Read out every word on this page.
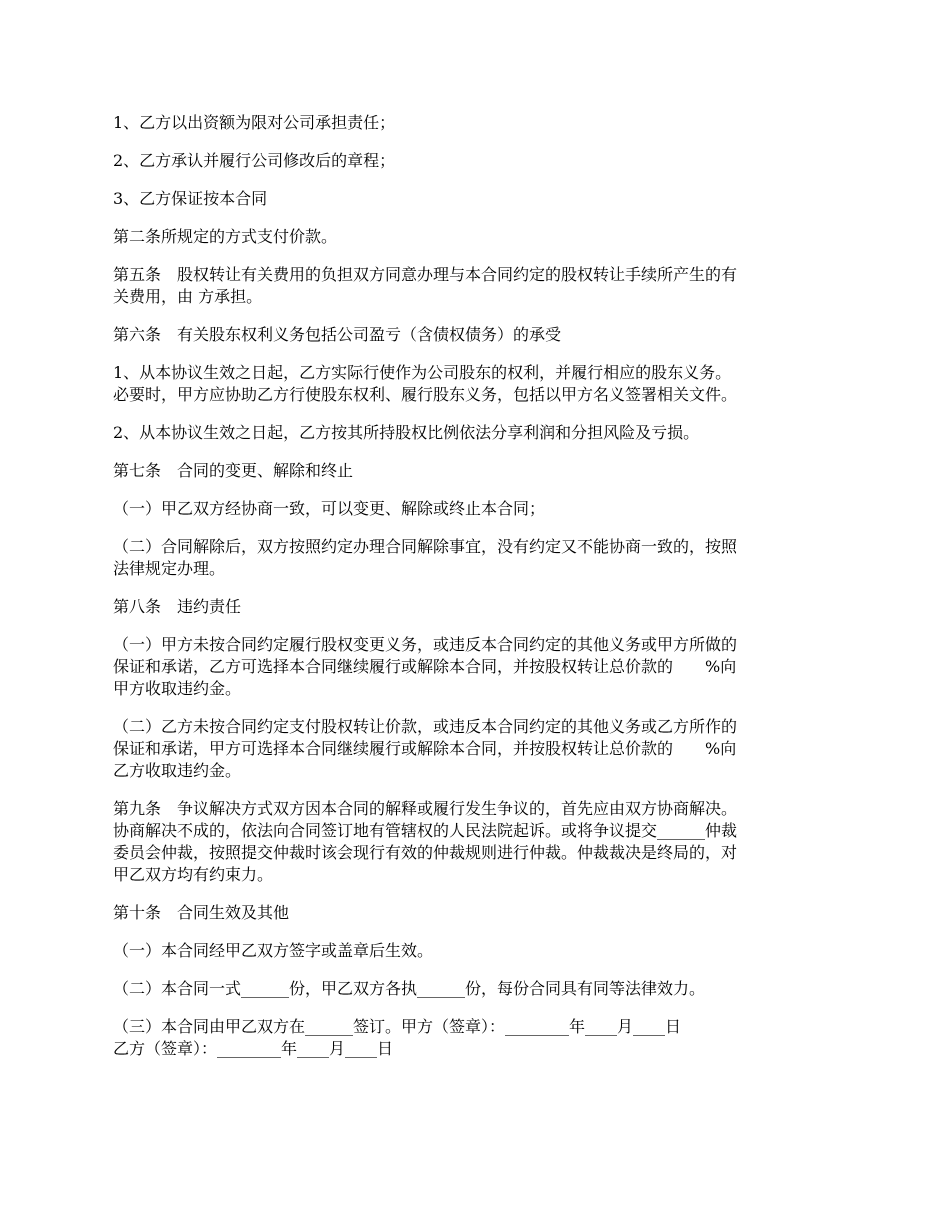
1、乙方以出资额为限对公司承担责任；

2、乙方承认并履行公司修改后的章程；

3、乙方保证按本合同

第二条所规定的方式支付价款。

第五条　股权转让有关费用的负担双方同意办理与本合同约定的股权转让手续所产生的有
关费用，由 方承担。

第六条　有关股东权利义务包括公司盈亏（含债权债务）的承受

1、从本协议生效之日起，乙方实际行使作为公司股东的权利，并履行相应的股东义务。
必要时，甲方应协助乙方行使股东权利、履行股东义务，包括以甲方名义签署相关文件。

2、从本协议生效之日起，乙方按其所持股权比例依法分享利润和分担风险及亏损。

第七条　合同的变更、解除和终止

（一）甲乙双方经协商一致，可以变更、解除或终止本合同；

（二）合同解除后，双方按照约定办理合同解除事宜，没有约定又不能协商一致的，按照
法律规定办理。

第八条　违约责任

（一）甲方未按合同约定履行股权变更义务，或违反本合同约定的其他义务或甲方所做的
保证和承诺，乙方可选择本合同继续履行或解除本合同，并按股权转让总价款的　　%向
甲方收取违约金。

（二）乙方未按合同约定支付股权转让价款，或违反本合同约定的其他义务或乙方所作的
保证和承诺，甲方可选择本合同继续履行或解除本合同，并按股权转让总价款的　　%向
乙方收取违约金。

第九条　争议解决方式双方因本合同的解释或履行发生争议的，首先应由双方协商解决。
协商解决不成的，依法向合同签订地有管辖权的人民法院起诉。或将争议提交______仲裁
委员会仲裁，按照提交仲裁时该会现行有效的仲裁规则进行仲裁。仲裁裁决是终局的，对
甲乙双方均有约束力。

第十条　合同生效及其他

（一）本合同经甲乙双方签字或盖章后生效。

（二）本合同一式______份，甲乙双方各执______份，每份合同具有同等法律效力。

（三）本合同由甲乙双方在______签订。甲方（签章）：________年____月____日
乙方（签章）：________年____月____日
